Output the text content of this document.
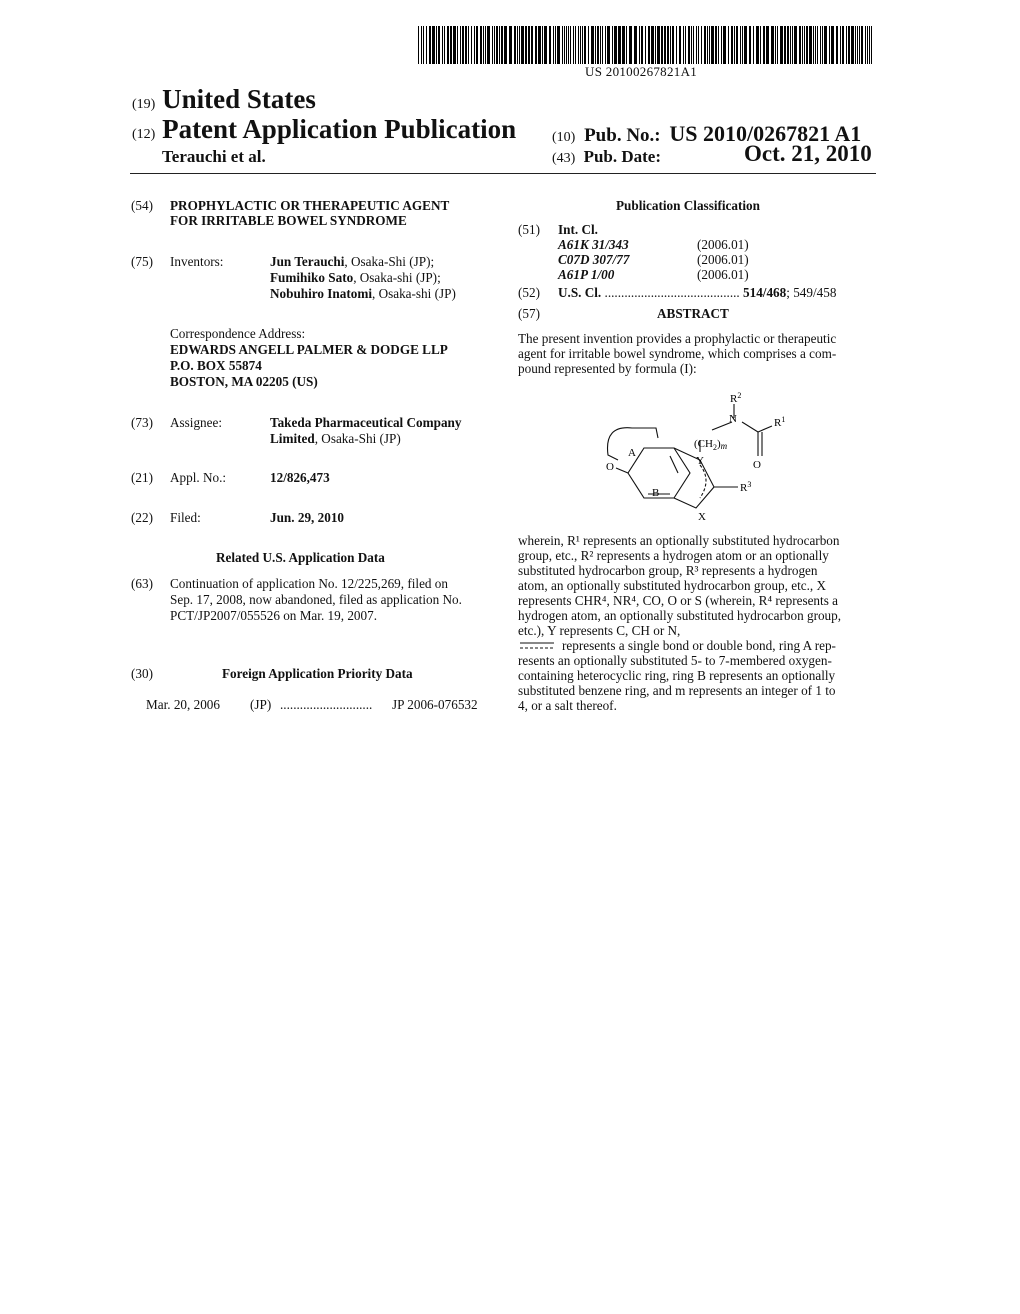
US 20100267821A1
(19) United States
(12) Patent Application Publication
Terauchi et al.
(10) Pub. No.: US 2010/0267821 A1
(43) Pub. Date:	Oct. 21, 2010
(54) PROPHYLACTIC OR THERAPEUTIC AGENT
FOR IRRITABLE BOWEL SYNDROME
(75) Inventors:	Jun Terauchi, Osaka-Shi (JP);
Fumihiko Sato, Osaka-shi (JP);
Nobuhiro Inatomi, Osaka-shi (JP)
Correspondence Address:
EDWARDS ANGELL PALMER & DODGE LLP
P.O. BOX 55874
BOSTON, MA 02205 (US)
(73) Assignee:	Takeda Pharmaceutical Company
Limited, Osaka-Shi (JP)
(21) Appl. No.:	12/826,473
(22) Filed:	Jun. 29, 2010
Related U.S. Application Data
(63) Continuation of application No. 12/225,269, filed on
Sep. 17, 2008, now abandoned, filed as application No.
PCT/JP2007/055526 on Mar. 19, 2007.
(30)	Foreign Application Priority Data
Mar. 20, 2006 (JP) ............................ JP 2006-076532
Publication Classification
(51) Int. Cl.
A61K 31/343	(2006.01)
C07D 307/77	(2006.01)
A61P 1/00	(2006.01)
(52) U.S. Cl. ......................................... 514/468; 549/458
(57)	ABSTRACT
The present invention provides a prophylactic or therapeutic
agent for irritable bowel syndrome, which comprises a com-
pound represented by formula (I):
$R^2$
N	$R^1$
$(CH_2)m$
O
A
B
O	Y
X
$R^3$
wherein, R¹ represents an optionally substituted hydrocarbon
group, etc., R² represents a hydrogen atom or an optionally
substituted hydrocarbon group, R³ represents a hydrogen
atom, an optionally substituted hydrocarbon group, etc., X
represents CHR⁴, NR⁴, CO, O or S (wherein, R⁴ represents a
hydrogen atom, an optionally substituted hydrocarbon group,
etc.), Y represents C, CH or N,
represents a single bond or double bond, ring A rep-
resents an optionally substituted 5- to 7-membered oxygen-
containing heterocyclic ring, ring B represents an optionally
substituted benzene ring, and m represents an integer of 1 to
4, or a salt thereof.
